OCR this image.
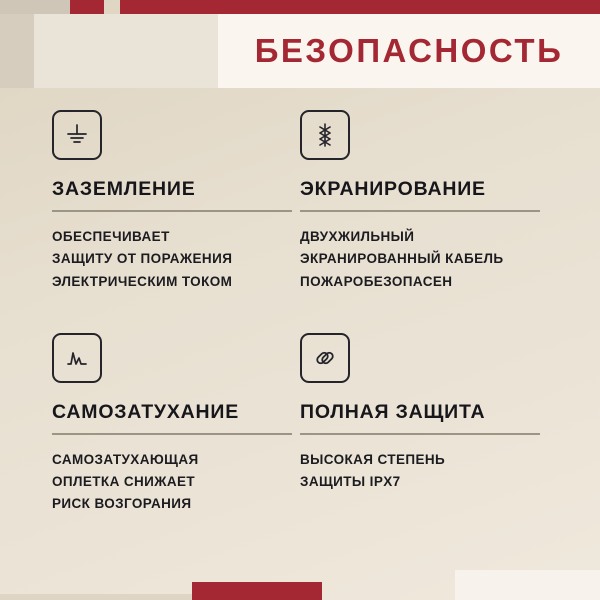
БЕЗОПАСНОСТЬ
ЗАЗЕМЛЕНИЕ
ОБЕСПЕЧИВАЕТ
ЗАЩИТУ ОТ ПОРАЖЕНИЯ
ЭЛЕКТРИЧЕСКИМ ТОКОМ
ЭКРАНИРОВАНИЕ
ДВУХЖИЛЬНЫЙ
ЭКРАНИРОВАННЫЙ КАБЕЛЬ
ПОЖАРОБЕЗОПАСЕН
САМОЗАТУХАНИЕ
САМОЗАТУХАЮЩАЯ
ОПЛЕТКА СНИЖАЕТ
РИСК ВОЗГОРАНИЯ
ПОЛНАЯ ЗАЩИТА
ВЫСОКАЯ СТЕПЕНЬ
ЗАЩИТЫ IPX7
